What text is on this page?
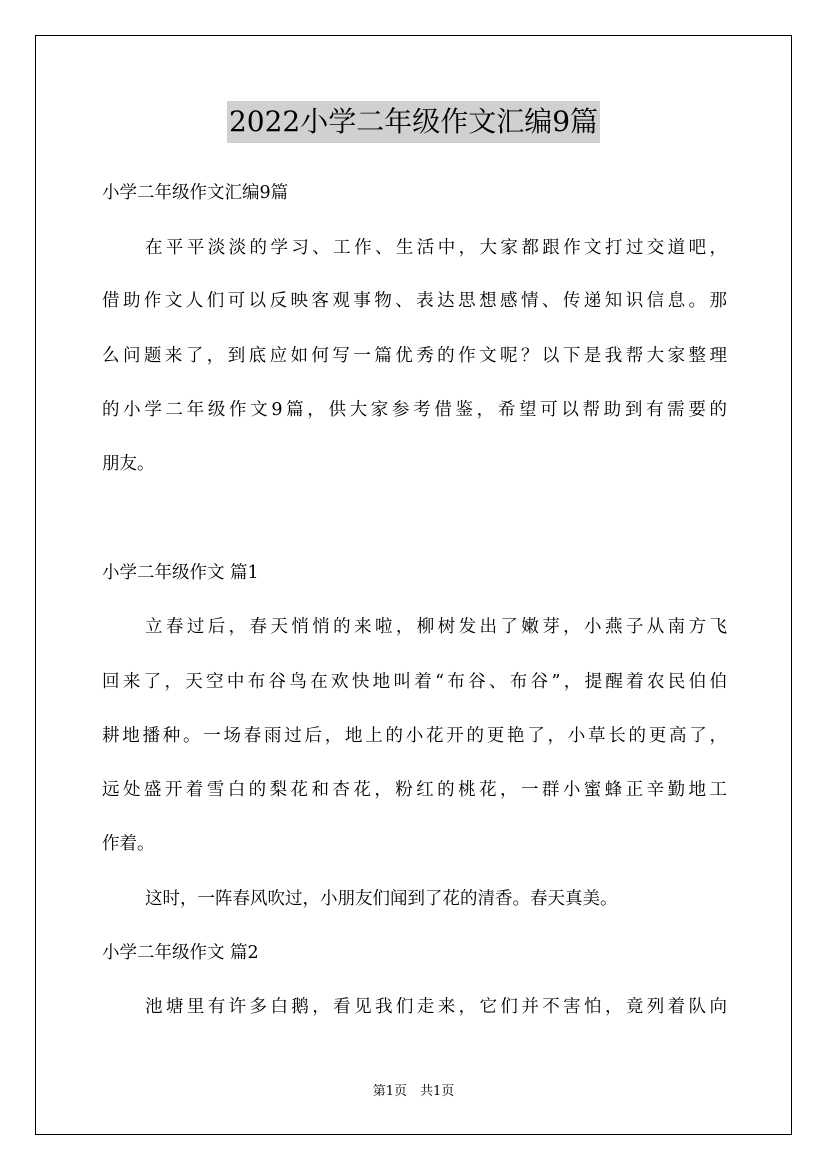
2022小学二年级作文汇编9篇
小学二年级作文汇编9篇
在平平淡淡的学习、工作、生活中，大家都跟作文打过交道吧，
借助作文人们可以反映客观事物、表达思想感情、传递知识信息。那
么问题来了，到底应如何写一篇优秀的作文呢？以下是我帮大家整理
的小学二年级作文9篇，供大家参考借鉴，希望可以帮助到有需要的
朋友。
小学二年级作文 篇1
立春过后，春天悄悄的来啦，柳树发出了嫩芽，小燕子从南方飞
回来了，天空中布谷鸟在欢快地叫着“布谷、布谷”，提醒着农民伯伯
耕地播种。一场春雨过后，地上的小花开的更艳了，小草长的更高了，
远处盛开着雪白的梨花和杏花，粉红的桃花，一群小蜜蜂正辛勤地工
作着。
这时，一阵春风吹过，小朋友们闻到了花的清香。春天真美。
小学二年级作文 篇2
池塘里有许多白鹅，看见我们走来，它们并不害怕，竟列着队向
第1页　共1页
